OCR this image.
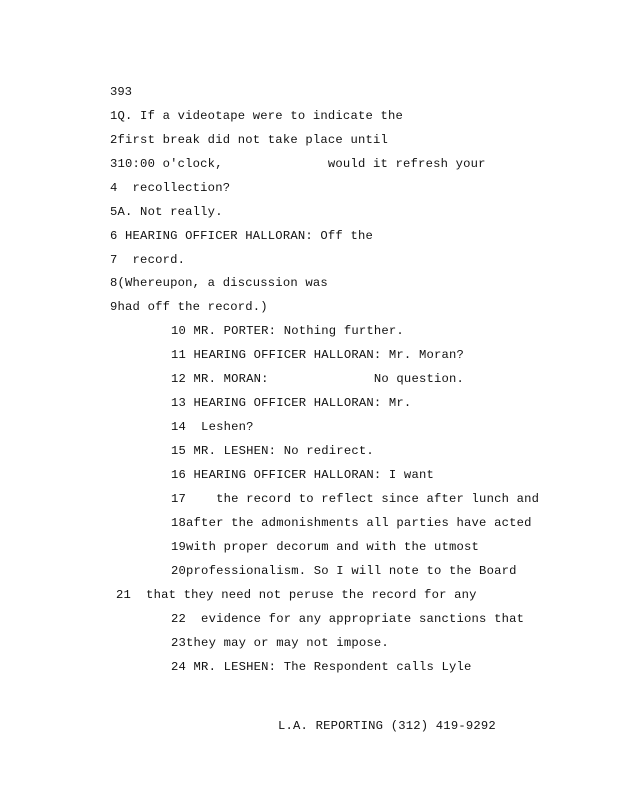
393
1Q. If a videotape were to indicate the
2first break did not take place until
310:00 o'clock,              would it refresh your
4  recollection?
5A. Not really.
6 HEARING OFFICER HALLORAN: Off the
7  record.
8(Whereupon, a discussion was
9had off the record.)
10 MR. PORTER: Nothing further.
11 HEARING OFFICER HALLORAN: Mr. Moran?
12 MR. MORAN:              No question.
13 HEARING OFFICER HALLORAN: Mr.
14  Leshen?
15 MR. LESHEN: No redirect.
16 HEARING OFFICER HALLORAN: I want
17    the record to reflect since after lunch and
18after the admonishments all parties have acted
19with proper decorum and with the utmost
20professionalism. So I will note to the Board
21  that they need not peruse the record for any
22  evidence for any appropriate sanctions that
23they may or may not impose.
24 MR. LESHEN: The Respondent calls Lyle
L.A. REPORTING (312) 419-9292
